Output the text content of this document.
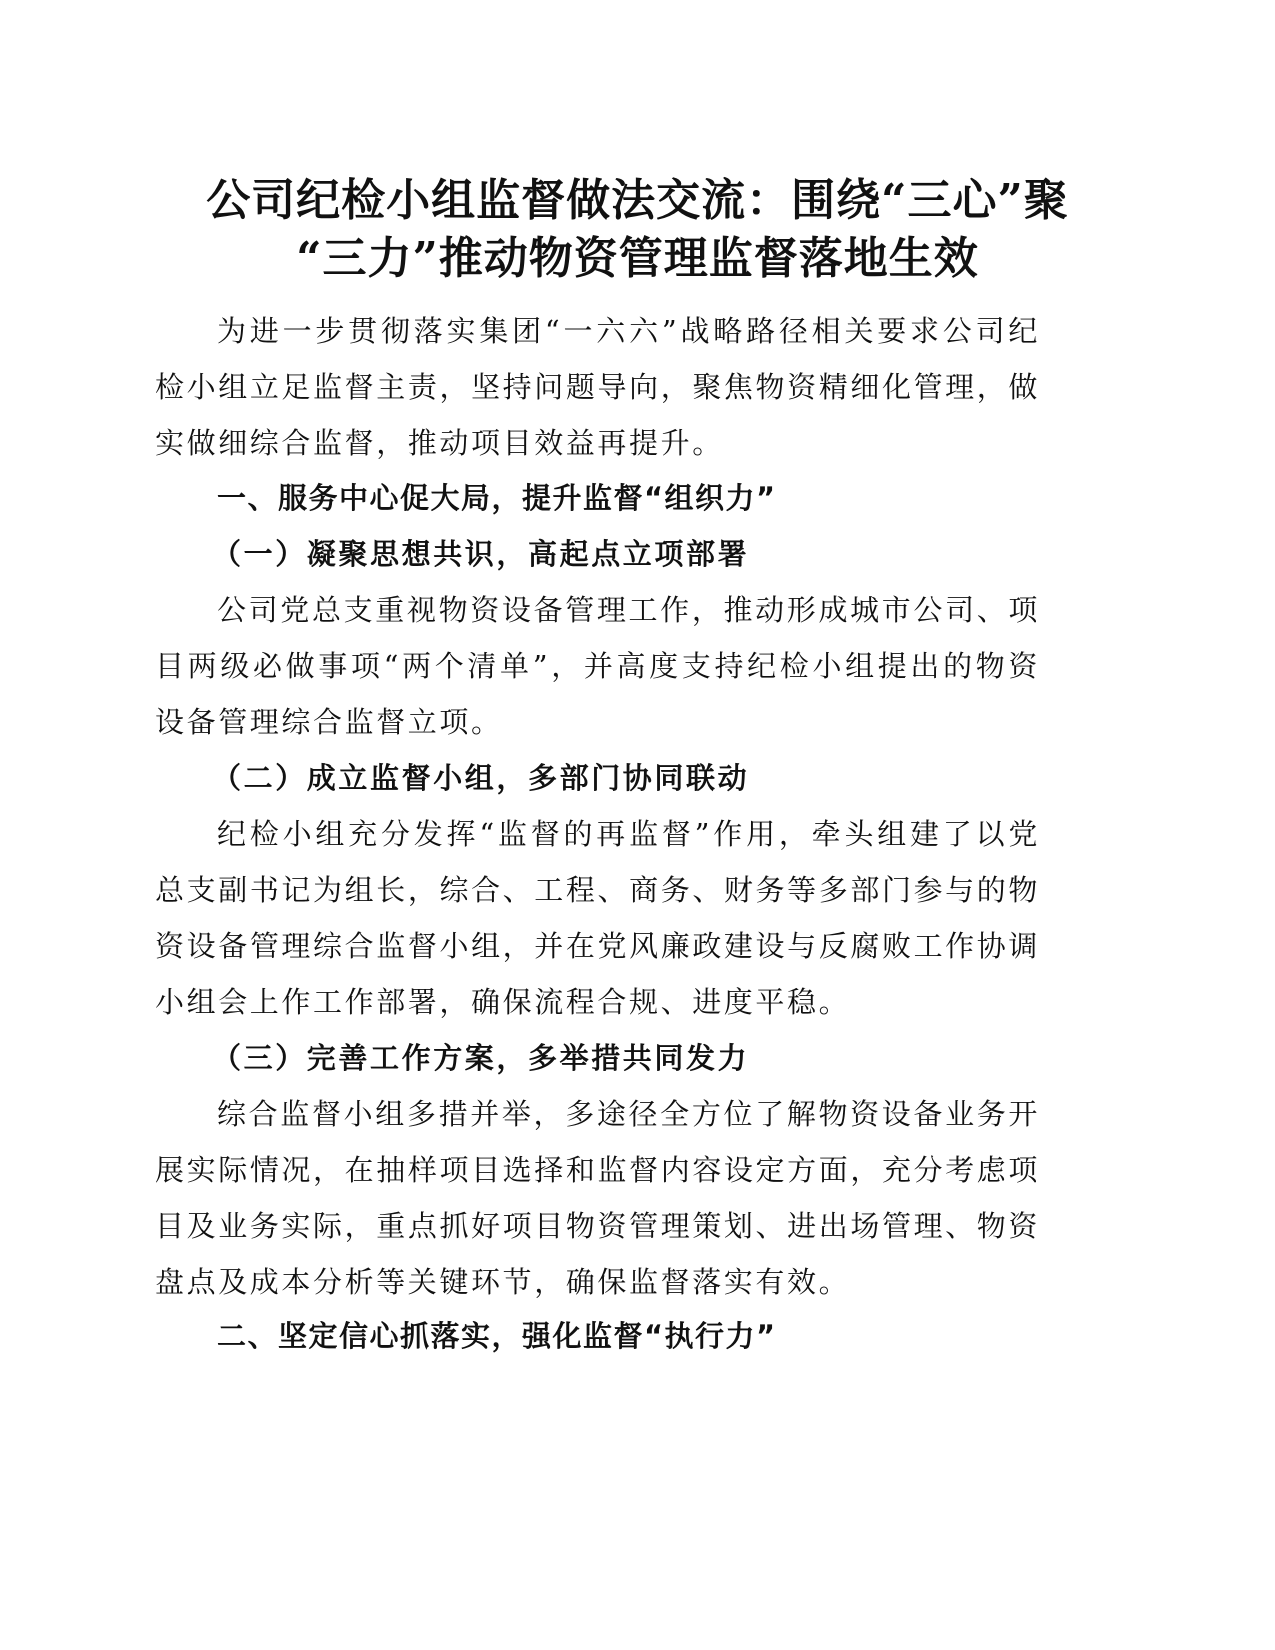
公司纪检小组监督做法交流：围绕“三心”聚
“三力”推动物资管理监督落地生效

为进一步贯彻落实集团“一六六”战略路径相关要求公司纪检小组立足监督主责，坚持问题导向，聚焦物资精细化管理，做实做细综合监督，推动项目效益再提升。

一、服务中心促大局，提升监督“组织力”
（一）凝聚思想共识，高起点立项部署

公司党总支重视物资设备管理工作，推动形成城市公司、项目两级必做事项“两个清单”，并高度支持纪检小组提出的物资设备管理综合监督立项。

（二）成立监督小组，多部门协同联动

纪检小组充分发挥“监督的再监督”作用，牵头组建了以党总支副书记为组长，综合、工程、商务、财务等多部门参与的物资设备管理综合监督小组，并在党风廉政建设与反腐败工作协调小组会上作工作部署，确保流程合规、进度平稳。

（三）完善工作方案，多举措共同发力

综合监督小组多措并举，多途径全方位了解物资设备业务开展实际情况，在抽样项目选择和监督内容设定方面，充分考虑项目及业务实际，重点抓好项目物资管理策划、进出场管理、物资盘点及成本分析等关键环节，确保监督落实有效。

二、坚定信心抓落实，强化监督“执行力”
